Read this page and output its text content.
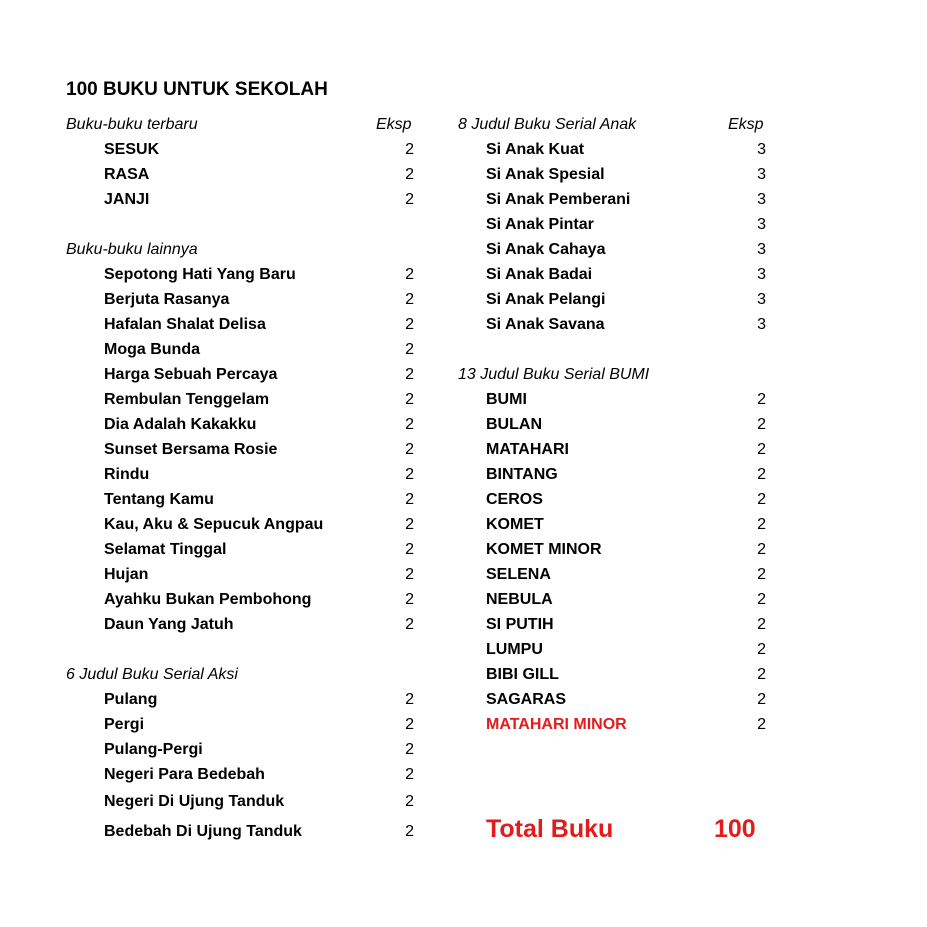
100 BUKU UNTUK SEKOLAH
Buku-buku terbaru	Eksp	8 Judul Buku Serial Anak	Eksp
SESUK	2
RASA	2
JANJI	2
Buku-buku lainnya
Sepotong Hati Yang Baru	2
Berjuta Rasanya	2
Hafalan Shalat Delisa	2
Moga Bunda	2
Harga Sebuah Percaya	2
Rembulan Tenggelam	2
Dia Adalah Kakakku	2
Sunset Bersama Rosie	2
Rindu	2
Tentang Kamu	2
Kau, Aku & Sepucuk Angpau	2
Selamat Tinggal	2
Hujan	2
Ayahku Bukan Pembohong	2
Daun Yang Jatuh	2
6 Judul Buku Serial Aksi
Pulang	2
Pergi	2
Pulang-Pergi	2
Negeri Para Bedebah	2
Negeri Di Ujung Tanduk	2
Bedebah Di Ujung Tanduk	2
Si Anak Kuat	3
Si Anak Spesial	3
Si Anak Pemberani	3
Si Anak Pintar	3
Si Anak Cahaya	3
Si Anak Badai	3
Si Anak Pelangi	3
Si Anak Savana	3
13 Judul Buku Serial BUMI
BUMI	2
BULAN	2
MATAHARI	2
BINTANG	2
CEROS	2
KOMET	2
KOMET MINOR	2
SELENA	2
NEBULA	2
SI PUTIH	2
LUMPU	2
BIBI GILL	2
SAGARAS	2
MATAHARI MINOR	2
Total Buku	100
